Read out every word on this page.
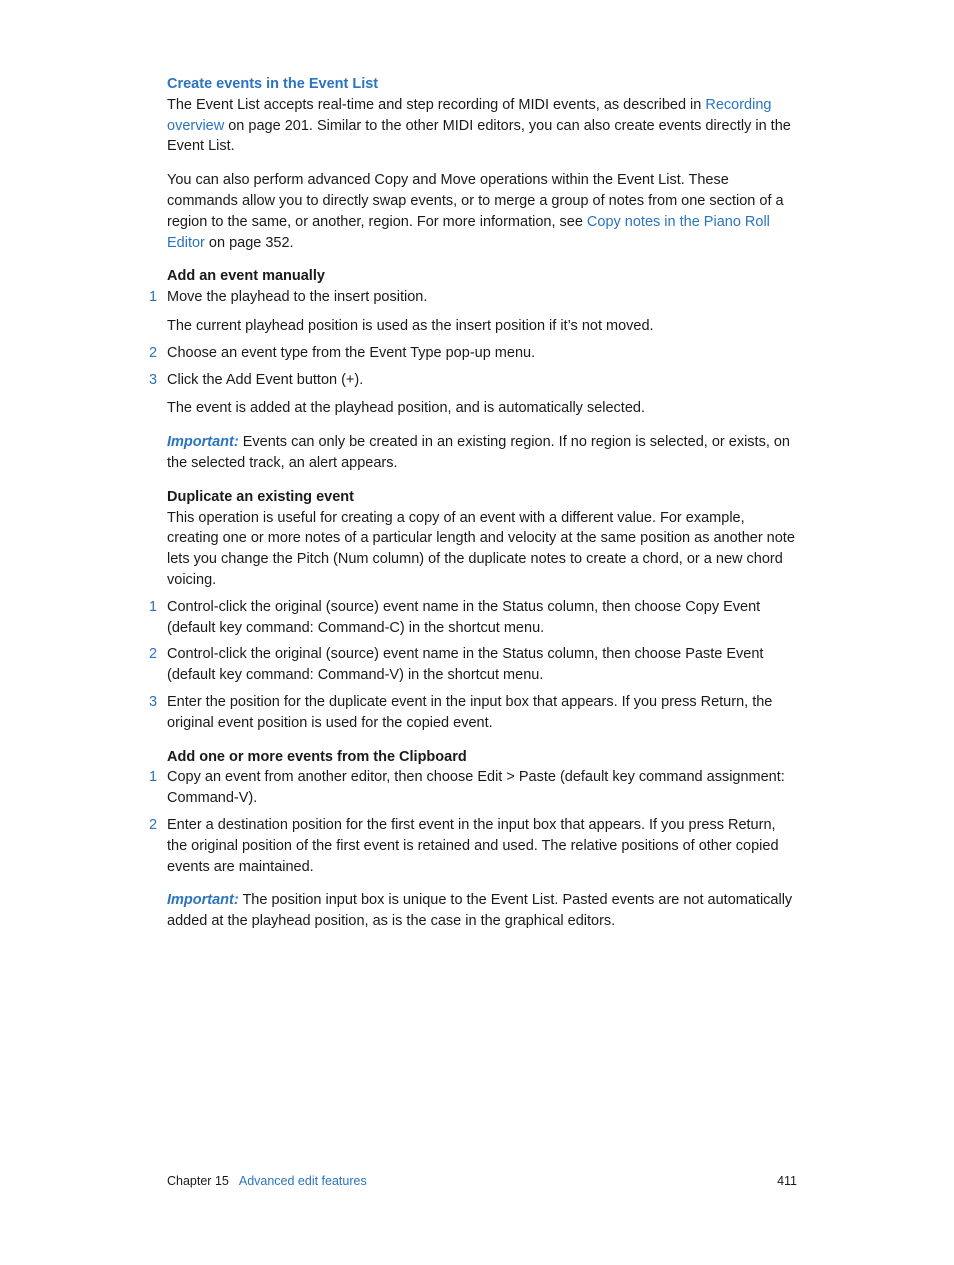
Create events in the Event List

The Event List accepts real-time and step recording of MIDI events, as described in Recording overview on page 201. Similar to the other MIDI editors, you can also create events directly in the Event List.

You can also perform advanced Copy and Move operations within the Event List. These commands allow you to directly swap events, or to merge a group of notes from one section of a region to the same, or another, region. For more information, see Copy notes in the Piano Roll Editor on page 352.

Add an event manually
1 Move the playhead to the insert position.

The current playhead position is used as the insert position if it’s not moved.

2 Choose an event type from the Event Type pop-up menu.
3 Click the Add Event button (+).

The event is added at the playhead position, and is automatically selected.

Important: Events can only be created in an existing region. If no region is selected, or exists, on the selected track, an alert appears.

Duplicate an existing event

This operation is useful for creating a copy of an event with a different value. For example, creating one or more notes of a particular length and velocity at the same position as another note lets you change the Pitch (Num column) of the duplicate notes to create a chord, or a new chord voicing.

1 Control-click the original (source) event name in the Status column, then choose Copy Event (default key command: Command-C) in the shortcut menu.
2 Control-click the original (source) event name in the Status column, then choose Paste Event (default key command: Command-V) in the shortcut menu.
3 Enter the position for the duplicate event in the input box that appears. If you press Return, the original event position is used for the copied event.
Add one or more events from the Clipboard
1 Copy an event from another editor, then choose Edit > Paste (default key command assignment: Command-V).
2 Enter a destination position for the first event in the input box that appears. If you press Return, the original position of the first event is retained and used. The relative positions of other copied events are maintained.

Important: The position input box is unique to the Event List. Pasted events are not automatically added at the playhead position, as is the case in the graphical editors.

Chapter 15 Advanced edit features	411
